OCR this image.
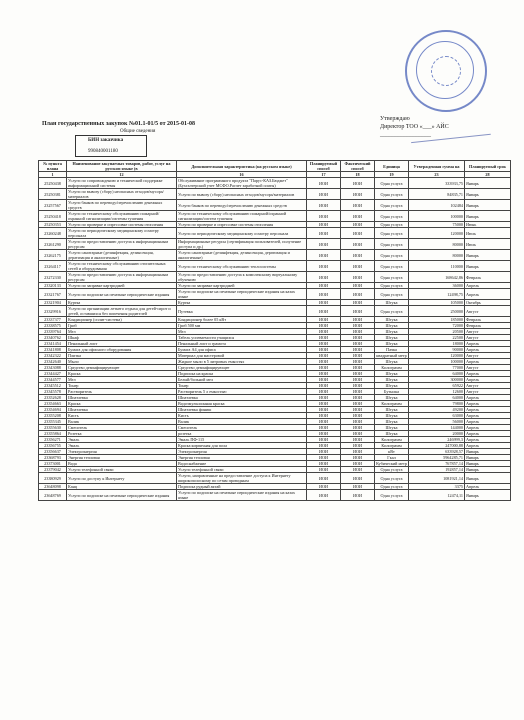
Утверждаю
Директор ТОО «___» АЙС
_________________
План государственных закупок №01.1-01/5 от 2015-01-08
Общие сведения
БИН заказчика
990840001180
№ пункта плана	Наименование закупаемых товаров, работ, услуг на русском языке (в	Дополнительная характеристика (на русском языке)	Планируемый способ	Фактический способ	Единица	Утвержденная сумма на	Планируемый срок
1	12	16	17	18	19	23	28
25250438	Услуги по сопровождению и технической поддержке информационной системы	Обслуживание программного продукта "Парус-КАЗ.Бюджет" (Бухгалтерский учет МСФО.Расчет заработной платы)	ИОИ	ИОИ	Одна услуга	333933,75	Январь
25250381	Услуги по вывозу (сбору) неопасных отходов/мусора/материалов	Услуги по вывозу (сбору) неопасных отходов/мусора/материалов	ИОИ	ИОИ	Одна услуга	84835,71	Январь
23257567	Услуги банков по переводу/перечислению денежных средств	Услуги банков по переводу/перечислению денежных средств	ИОИ	ИОИ	Одна услуга	102484	Январь
25250418	Услуги по техническому обслуживанию пожарной/охранной сигнализации/системы тушения	Услуги по техническому обслуживанию пожарной/охранной сигнализации/систем тушения	ИОИ	ИОИ	Одна услуга	100000	Январь
25250353	Услуги по проверке и опрессовке системы отопления	Услуги по проверке и опрессовке системы отопления	ИОИ	ИОИ	Одна услуга	75000	Июнь
23260248	Услуги по периодическому медицинскому осмотру персонала	Услуги по периодическому медицинскому осмотру персонала	ИОИ	ИОИ	Одна услуга	120000	Июль
23261290	Услуги по предоставлению доступа к информационным ресурсам	Информационные ресурсы (сертификация пользователей, получение доступа и др.)	ИОИ	ИОИ	Одна услуга	80000	Июль
23262175	Услуги санитарные (дезинфекция, дезинсекция, дератизация и аналогичные)	Услуги санитарные (дезинфекция, дезинсекция, дератизация и аналогичные)	ИОИ	ИОИ	Одна услуга	80000	Январь
23264117	Услуги по техническому обслуживанию отопительных сетей и оборудования	Услуги по техническому обслуживанию теплосистемы	ИОИ	ИОИ	Одна услуга	110000	Январь
23272330	Услуги по предоставлению доступа к информационным ресурсам	Услуги по предоставлению доступа к комплексному виртуальному обучению	ИОИ	ИОИ	Одна услуга	168642,86	Февраль
23320133	Услуги по заправке картриджей	Услуги по заправке картриджей	ИОИ	ИОИ	Одна услуга	36000	Апрель
23321767	Услуги по подписке на печатные периодические издания	Услуги по подписке на печатные периодические издания на казах языке	ИОИ	ИОИ	Одна услуга	12498,75	Апрель
23321904	Куртка	Куртка	ИОИ	ИОИ	Штука	105000	Октябрь
23329916	Услуги по организации летнего отдыха для детей-сирот и детей, оставшихся без попечения родителей	Путевка	ИОИ	ИОИ	Одна услуга	250000	Август
23337377	Кондиционер (сплит-система)	Кондиционер более 05 кВт	ИОИ	ИОИ	Штука	185000	Февраль
23338575	Гриб	Гриб 500 мм	ИОИ	ИОИ	Штука	72000	Февраль
23339764	Мел	Мел	ИОИ	ИОИ	Штука	20500	Август
23340762	Шкаф	Табель успеваемости учащихся	ИОИ	ИОИ	Штука	22500	Август
23341454	Пенальный лист	Пенальный лист и грамота	ИОИ	ИОИ	Штука	18000	Апрель
23341808	Бумага для офисного оборудования	Бумага А4 для офиса	ИОИ	ИОИ	Пачка	90000	Апрель
23342322	Плитка	Материал для мастеровой	ИОИ	ИОИ	квадратный метр	120000	Август
23342640	Мыло	Жидкое мыло в 5 литровых емкостях	ИОИ	ИОИ	Штука	100000	Апрель
23343088	Средство дезинфицирующее	Средство дезинфицирующее	ИОИ	ИОИ	Килограмм	77000	Август
23344427	Краска	Подписка на краска	ИОИ	ИОИ	Штука	64000	Апрель
23344577	Мел	Белый/больной мел	ИОИ	ИОИ	Штука	300000	Апрель
23345512	Тонер	Тонер	ИОИ	ИОИ	Штука	65922	Август
23345578	Растворитель	Растворитель 5 л емкостью	ИОИ	ИОИ	Бутылка	12600	Август
23352628	Шпатлевка	Шпатлевка	ИОИ	ИОИ	Штука	64000	Апрель
23354663	Краска	Водоэмульсионная краска	ИОИ	ИОИ	Килограмм	79800	Апрель
23354694	Шпатлевка	Шпатлевка финиш	ИОИ	ИОИ	Штука	49200	Апрель
23355208	Кисть	Кисть	ИОИ	ИОИ	Штука	63000	Апрель
23355345	Валик	Валик	ИОИ	ИОИ	Штука	56000	Апрель
23355630	Смеситель	Смеситель	ИОИ	ИОИ	Штука	144000	Апрель
23355864	Розетка	розетка	ИОИ	ИОИ	Штука	20000	Апрель
23356271	Эмаль	Эмаль ПФ-115	ИОИ	ИОИ	Килограмм	246999,3	Апрель
23356755	Эмаль	Краска кирпичная для пола	ИОИ	ИОИ	Килограмм	247000,88	Апрель
23356637	Электроэнергия	Электроэнергия	ИОИ	ИОИ	кВт	633928,57	Январь
23368793	Энергия тепловая	Энергия тепловая	ИОИ	ИОИ	Гкал	5964285,71	Январь
23373001	Вода	Водоснабжение	ИОИ	ИОИ	Кубический метр	767857,14	Январь
23379042	Услуги телефонной связи	Услуги телефонной связи	ИОИ	ИОИ	Одна услуга	192857,14	Январь
23380929	Услуги по доступу к Интернету	Услуги, направленные на предоставление доступа к Интернету широкополосному по сетям проводным	ИОИ	ИОИ	Одна услуга	1081921,14	Январь
23648098	Канц	Подписка рудный актай	ИОИ	ИОИ	Одна услуга	3375	Апрель
23648769	Услуги по подписке на печатные периодические издания	Услуги по подписке на печатные периодические издания на казах языке	ИОИ	ИОИ	Одна услуга	12474,11	Январь
